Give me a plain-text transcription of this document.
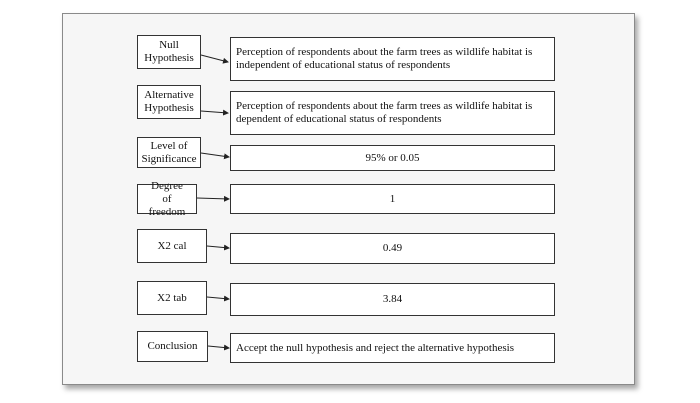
Null Hypothesis
Alternative Hypothesis
Level of Significance
Degree of freedom
X2 cal
X2 tab
Conclusion
Perception of respondents about the farm trees as wildlife habitat is independent of educational status of respondents
Perception of respondents about the farm trees as wildlife habitat is dependent of educational status of respondents
95% or 0.05
1
0.49
3.84
Accept the null hypothesis and reject the alternative hypothesis
